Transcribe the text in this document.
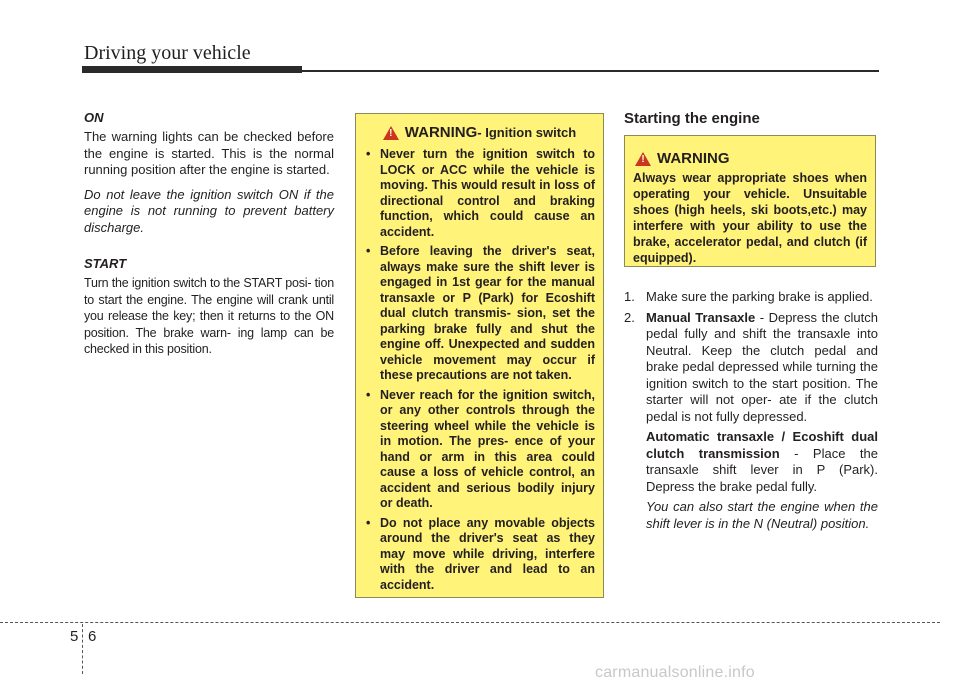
Driving your vehicle

ON

The warning lights can be checked before the engine is started. This is the normal running position after the engine is started.

Do not leave the ignition switch ON if the engine is not running to prevent battery discharge.

START

Turn the ignition switch to the START posi- tion to start the engine. The engine will crank until you release the key; then it returns to the ON position. The brake warn- ing lamp can be checked in this position.

! WARNING - Ignition switch
• Never turn the ignition switch to LOCK or ACC while the vehicle is moving. This would result in loss of directional control and braking function, which could cause an accident.
• Before leaving the driver's seat, always make sure the shift lever is engaged in 1st gear for the manual transaxle or P (Park) for Ecoshift dual clutch transmis- sion, set the parking brake fully and shut the engine off. Unexpected and sudden vehicle movement may occur if these precautions are not taken.
• Never reach for the ignition switch, or any other controls through the steering wheel while the vehicle is in motion. The pres- ence of your hand or arm in this area could cause a loss of vehicle control, an accident and serious bodily injury or death.
• Do not place any movable objects around the driver's seat as they may move while driving, interfere with the driver and lead to an accident.

Starting the engine

! WARNING

Always wear appropriate shoes when operating your vehicle. Unsuitable shoes (high heels, ski boots,etc.) may interfere with your ability to use the brake, accelerator pedal, and clutch (if equipped).

1. Make sure the parking brake is applied.
2. Manual Transaxle - Depress the clutch pedal fully and shift the transaxle into Neutral. Keep the clutch pedal and brake pedal depressed while turning the ignition switch to the start position. The starter will not oper- ate if the clutch pedal is not fully depressed.
Automatic transaxle / Ecoshift dual clutch transmission - Place the transaxle shift lever in P (Park). Depress the brake pedal fully.
You can also start the engine when the shift lever is in the N (Neutral) position.
5 6
carmanualsonline.info
